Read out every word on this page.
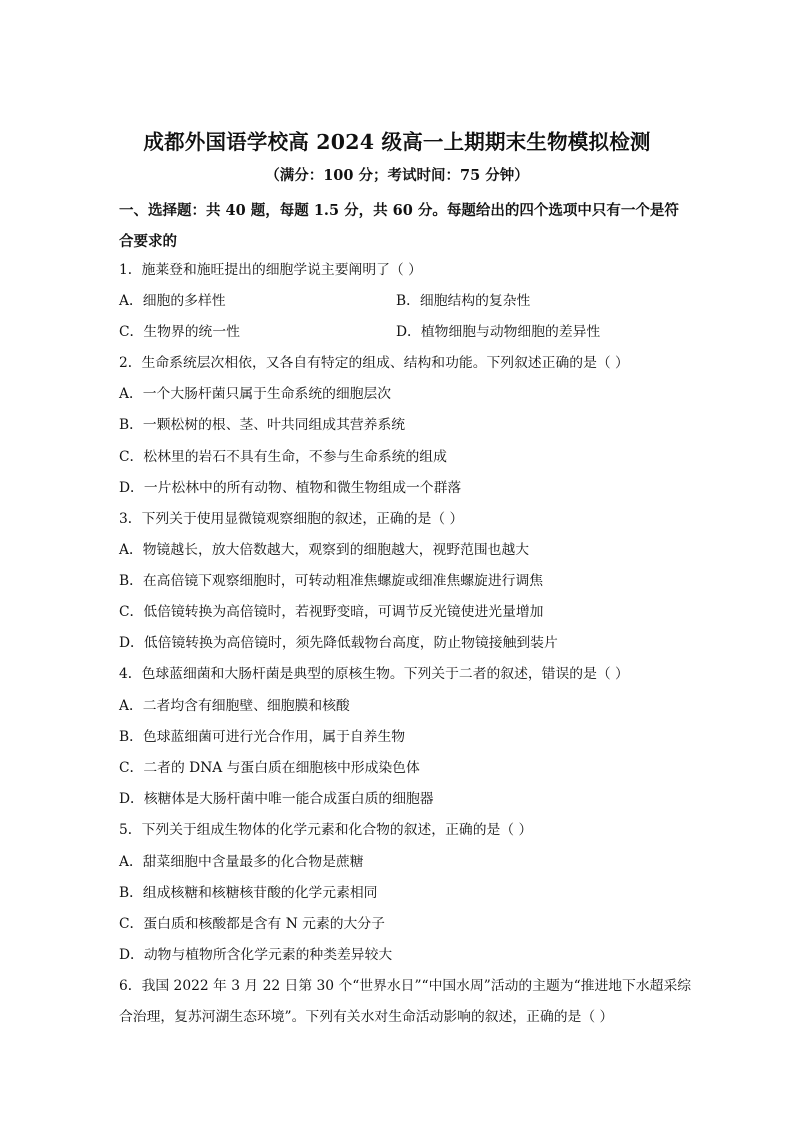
成都外国语学校高 2024 级高一上期期末生物模拟检测
（满分：100 分；考试时间：75 分钟）
一、选择题：共 40 题，每题 1.5 分，共 60 分。每题给出的四个选项中只有一个是符合要求的
1．施莱登和施旺提出的细胞学说主要阐明了（ ）
A．细胞的多样性	B．细胞结构的复杂性
C．生物界的统一性	D．植物细胞与动物细胞的差异性
2．生命系统层次相依，又各自有特定的组成、结构和功能。下列叙述正确的是（ ）
A．一个大肠杆菌只属于生命系统的细胞层次
B．一颗松树的根、茎、叶共同组成其营养系统
C．松林里的岩石不具有生命，不参与生命系统的组成
D．一片松林中的所有动物、植物和微生物组成一个群落
3．下列关于使用显微镜观察细胞的叙述，正确的是（ ）
A．物镜越长，放大倍数越大，观察到的细胞越大，视野范围也越大
B．在高倍镜下观察细胞时，可转动粗准焦螺旋或细准焦螺旋进行调焦
C．低倍镜转换为高倍镜时，若视野变暗，可调节反光镜使进光量增加
D．低倍镜转换为高倍镜时，须先降低载物台高度，防止物镜接触到装片
4．色球蓝细菌和大肠杆菌是典型的原核生物。下列关于二者的叙述，错误的是（ ）
A．二者均含有细胞壁、细胞膜和核酸
B．色球蓝细菌可进行光合作用，属于自养生物
C．二者的 DNA 与蛋白质在细胞核中形成染色体
D．核糖体是大肠杆菌中唯一能合成蛋白质的细胞器
5．下列关于组成生物体的化学元素和化合物的叙述，正确的是（ ）
A．甜菜细胞中含量最多的化合物是蔗糖
B．组成核糖和核糖核苷酸的化学元素相同
C．蛋白质和核酸都是含有 N 元素的大分子
D．动物与植物所含化学元素的种类差异较大
6．我国 2022 年 3 月 22 日第 30 个“世界水日”“中国水周”活动的主题为“推进地下水超采综
合治理，复苏河湖生态环境”。下列有关水对生命活动影响的叙述，正确的是（ ）
